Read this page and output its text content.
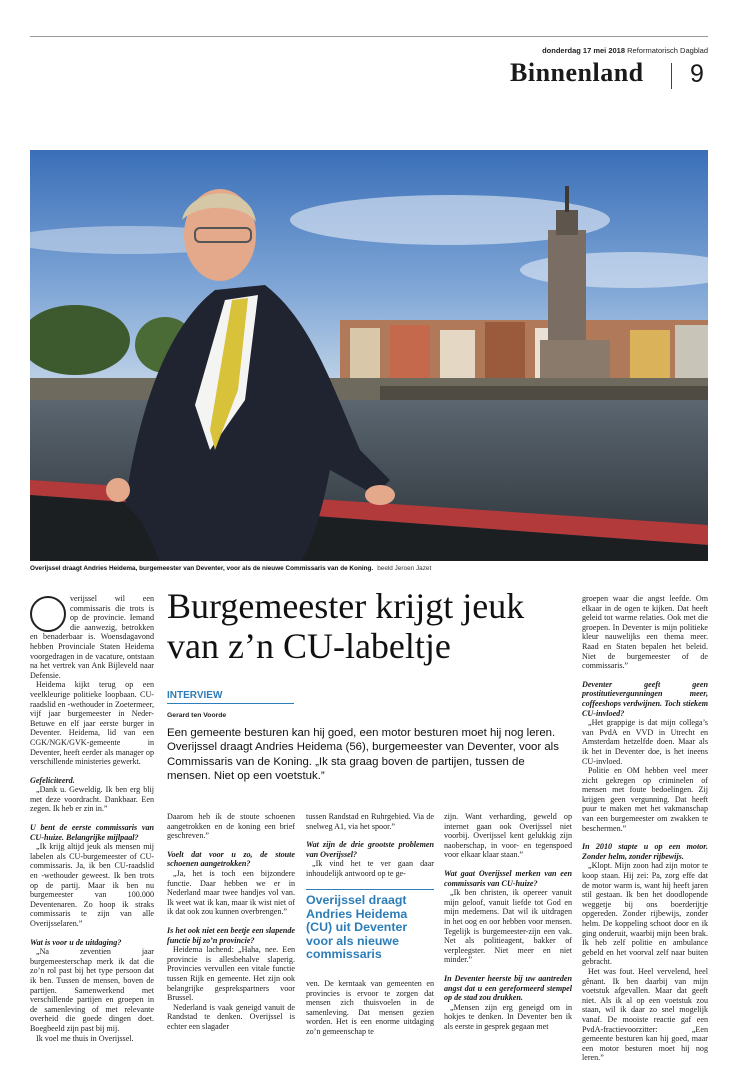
donderdag 17 mei 2018 Reformatorisch Dagblad
Binnenland 9
Overijssel draagt Andries Heidema, burgemeester van Deventer, voor als de nieuwe Commissaris van de Koning. beeld Jeroen Jazet
Burgemeester krijgt jeuk van z’n CU-labeltje
INTERVIEW
Gerard ten Voorde
Een gemeente besturen kan hij goed, een motor besturen moet hij nog leren. Overijssel draagt Andries Heidema (56), burgemeester van Deventer, voor als Commissaris van de Koning. „Ik sta graag boven de partijen, tussen de mensen. Niet op een voetstuk.”

verijssel wil een commissaris die trots is op de provincie. Iemand die aanwezig, betrokken en benaderbaar is. Woensdagavond hebben Provinciale Staten Heidema voorgedragen in de vacature, ontstaan na het vertrek van Ank Bijleveld naar Defensie.

Heidema kijkt terug op een veelkleurige politieke loopbaan. CU-raadslid en -wethouder in Zoetermeer, vijf jaar burgemeester in Neder-Betuwe en elf jaar eerste burger in Deventer. Heidema, lid van een CGK/NGK/GVK-gemeente in Deventer, heeft eerder als manager op verschillende ministeries gewerkt.

Gefeliciteerd.

„Dank u. Geweldig. Ik ben erg blij met deze voordracht. Dankbaar. Een zegen. Ik heb er zin in.”

U bent de eerste commissaris van CU-huize. Belangrijke mijlpaal?

„Ik krijg altijd jeuk als mensen mij labelen als CU-burgemeester of CU-commissaris. Ja, ik ben CU-raadslid en -wethouder geweest. Ik ben trots op de partij. Maar ik ben nu burgemeester van 100.000 Deventenaren. Zo hoop ik straks commissaris te zijn van alle Overijsselaren.”

Wat is voor u de uitdaging?

„Na zeventien jaar burgemeesterschap merk ik dat die zo’n rol past bij het type persoon dat ik ben. Tussen de mensen, boven de partijen. Samenwerkend met verschillende partijen en groepen in de samenleving of met relevante overheid die goede dingen doet. Boegbeeld zijn past bij mij.

Ik voel me thuis in Overijssel.

Daarom heb ik de stoute schoenen aangetrokken en de koning een brief geschreven.”

Voelt dat voor u zo, de stoute schoenen aangetrokken?

„Ja, het is toch een bijzondere functie. Daar hebben we er in Nederland maar twee handjes vol van. Ik weet wat ik kan, maar ik wist niet of ik dat ook zou kunnen overbrengen.”

Is het ook niet een beetje een slapende functie bij zo’n provincie?

Heidema lachend: „Haha, nee. Een provincie is allesbehalve slaperig. Provincies vervullen een vitale functie tussen Rijk en gemeente. Het zijn ook belangrijke gesprekspartners voor Brussel.

Nederland is vaak geneigd vanuit de Randstad te denken. Overijssel is echter een slagader

tussen Randstad en Ruhrgebied. Via de snelweg A1, via het spoor.”

Wat zijn de drie grootste problemen van Overijssel?

„Ik vind het te ver gaan daar inhoudelijk antwoord op te ge-

Overijssel draagt Andries Heidema (CU) uit Deventer voor als nieuwe commissaris

ven. De kerntaak van gemeenten en provincies is ervoor te zorgen dat mensen zich thuisvoelen in de samenleving. Dat mensen gezien worden. Het is een enorme uitdaging zo’n gemeenschap te

zijn. Want verharding, geweld op internet gaan ook Overijssel niet voorbij. Overijssel kent gelukkig zijn naoberschap, in voor- en tegenspoed voor elkaar klaar staan.”

Wat gaat Overijssel merken van een commissaris van CU-huize?

„Ik ben christen, ik opereer vanuit mijn geloof, vanuit liefde tot God en mijn medemens. Dat wil ik uitdragen in het oog en oor hebben voor mensen. Tegelijk is burgemeester-zijn een vak. Net als politieagent, bakker of verpleegster. Niet meer en niet minder.”

In Deventer heerste bij uw aantreden angst dat u een gereformeerd stempel op de stad zou drukken.

„Mensen zijn erg geneigd om in hokjes te denken. In Deventer ben ik als eerste in gesprek gegaan met

groepen waar die angst leefde. Om elkaar in de ogen te kijken. Dat heeft geleid tot warme relaties. Ook met die groepen. In Deventer is mijn politieke kleur nauwelijks een thema meer. Raad en Staten bepalen het beleid. Niet de burgemeester of de commissaris.”

Deventer geeft geen prostitutievergunningen meer, coffeeshops verdwijnen. Toch stiekem CU-invloed?

„Het grappige is dat mijn collega’s van PvdA en VVD in Utrecht en Amsterdam hetzelfde doen. Maar als ik het in Deventer doe, is het ineens CU-invloed.

Politie en OM hebben veel meer zicht gekregen op criminelen of mensen met foute bedoelingen. Zij krijgen geen vergunning. Dat heeft puur te maken met het vakmanschap van een burgemeester om zwakken te beschermen.”

In 2010 stapte u op een motor. Zonder helm, zonder rijbewijs.

„Klopt. Mijn zoon had zijn motor te koop staan. Hij zei: Pa, zorg effe dat de motor warm is, want hij heeft jaren stil gestaan. Ik ben het doodlopende weggetje bij ons boerderijtje opgereden. Zonder rijbewijs, zonder helm. De koppeling schoot door en ik ging onderuit, waarbij mijn been brak. Ik heb zelf politie en ambulance gebeld en het voorval zelf naar buiten gebracht.

Het was fout. Heel vervelend, heel gênant. Ik ben daarbij van mijn voetstuk afgevallen. Maar dat geeft niet. Als ik al op een voetstuk zou staan, wil ik daar zo snel mogelijk vanaf. De mooiste reactie gaf een PvdA-fractievoorzitter: „Een gemeente besturen kan hij goed, maar een motor besturen moet hij nog leren.”
